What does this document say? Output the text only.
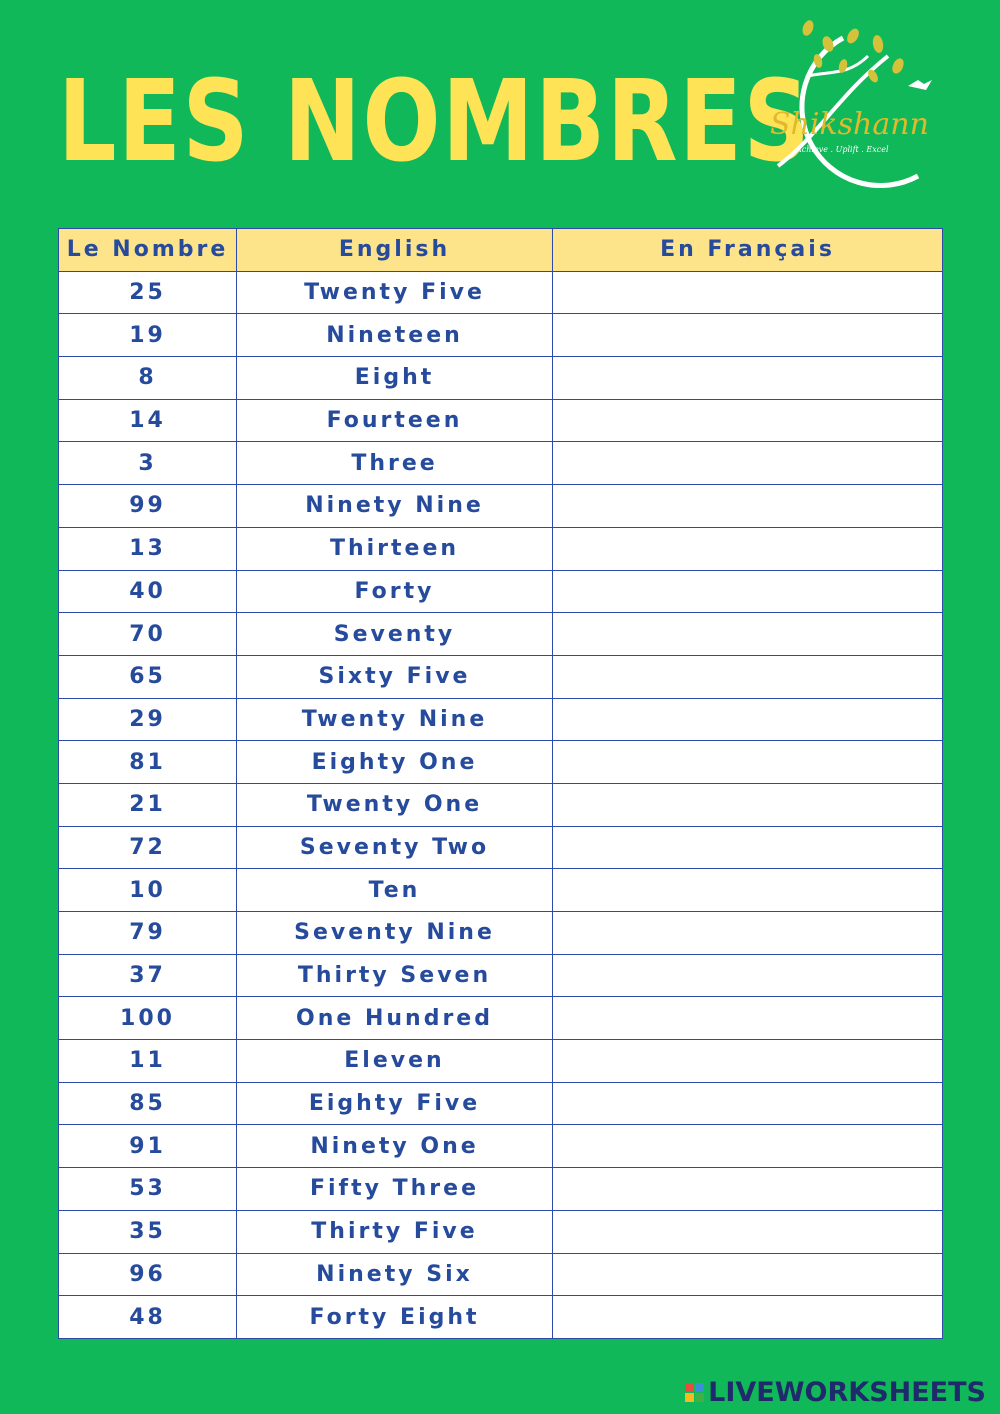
LES NOMBRES
Shikshann
Achieve . Uplift . Excel
Le Nombre	English	En Français
25	Twenty Five	
19	Nineteen	
8	Eight	
14	Fourteen	
3	Three	
99	Ninety Nine	
13	Thirteen	
40	Forty	
70	Seventy	
65	Sixty Five	
29	Twenty Nine	
81	Eighty One	
21	Twenty One	
72	Seventy Two	
10	Ten	
79	Seventy Nine	
37	Thirty Seven	
100	One Hundred	
11	Eleven	
85	Eighty Five	
91	Ninety One	
53	Fifty Three	
35	Thirty Five	
96	Ninety Six	
48	Forty Eight	
LIVEWORKSHEETS
